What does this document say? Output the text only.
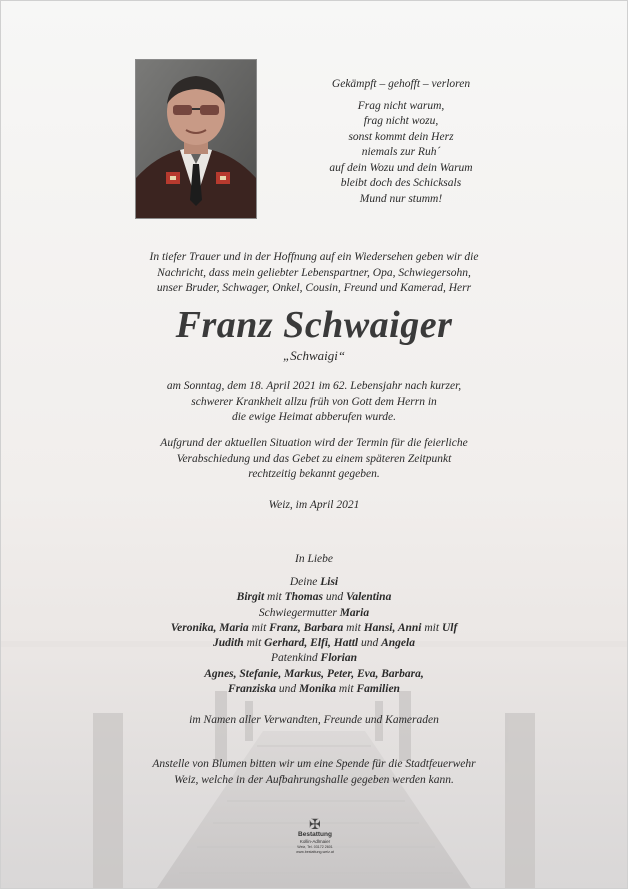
Gekämpft – gehofft – verloren
Frag nicht warum,
frag nicht wozu,
sonst kommt dein Herz
niemals zur Ruh´
auf dein Wozu und dein Warum
bleibt doch des Schicksals
Mund nur stumm!
In tiefer Trauer und in der Hoffnung auf ein Wiedersehen geben wir die
Nachricht, dass mein geliebter Lebenspartner, Opa, Schwiegersohn,
unser Bruder, Schwager, Onkel, Cousin, Freund und Kamerad, Herr
Franz Schwaiger
„Schwaigi“
am Sonntag, dem 18. April 2021 im 62. Lebensjahr nach kurzer,
schwerer Krankheit allzu früh von Gott dem Herrn in
die ewige Heimat abberufen wurde.
Aufgrund der aktuellen Situation wird der Termin für die feierliche
Verabschiedung und das Gebet zu einem späteren Zeitpunkt
rechtzeitig bekannt gegeben.
Weiz, im April 2021
In Liebe
Deine Lisi
Birgit mit Thomas und Valentina
Schwiegermutter Maria
Veronika, Maria mit Franz, Barbara mit Hansi, Anni mit Ulf
Judith mit Gerhard, Elfi, Hattl und Angela
Patenkind Florian
Agnes, Stefanie, Markus, Peter, Eva, Barbara,
Franziska und Monika mit Familien
im Namen aller Verwandten, Freunde und Kameraden
Anstelle von Blumen bitten wir um eine Spende für die Stadtfeuerwehr
Weiz, welche in der Aufbahrungshalle gegeben werden kann.
✠
Bestattung
Kollin-Adlmaier
Weiz, Tel. 03172 2601
www.bestattung-weiz.at
